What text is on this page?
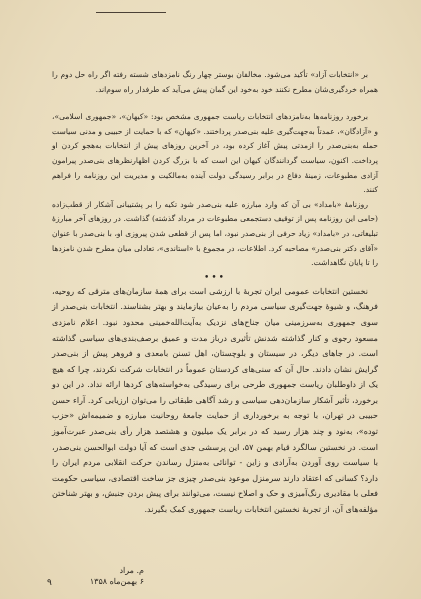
بر «انتخابات آزاد» تأکید می‌شود. مخالفان بوستر چهار رنگ نامزدهای شسته رفته اگر راه حل دوم را همراه خردگیری‌شان مطرح نکنند خود به‌خود این گمان پیش می‌آید که طرفدار راه سوم‌اند.

برخورد روزنامه‌ها به‌نامزدهای انتخابات ریاست جمهوری مشخص بود: «کیهان»، «جمهوری اسلامی»، و «آزادگان»، عمدتاً به‌جهت‌گیری علیه بنی‌صدر پرداختند. «کیهان» که با حمایت از حبیبی و مدنی سیاست حمله به‌بنی‌صدر را ازمدتی پیش آغاز کرده بود، در آخرین روزهای پیش از انتخابات به‌هجو کردن او پرداخت. اکنون، سیاست گردانندگان کیهان این است که با بزرگ کردن اظهارنظرهای بنی‌صدر پیرامون آزادی مطبوعات، زمینهٔ دفاع در برابر رسیدگی دولت آینده به‌مالکیت و مدیریت این روزنامه را فراهم کنند.

روزنامهٔ «بامداد» بی آن که وارد مبارزه علیه بنی‌صدر شود تکیه را بر پشتیبانی آشکار از قطب‌زاده (حامی این روزنامه پس از توقیف دستجمعی مطبوعات در مرداد گذشته) گذاشت. در روزهای آخر مبارزهٔ تبلیغاتی، در «بامداد» زیاد حرفی از بنی‌صدر نبود، اما پس از قطعی شدن پیروزی او، با بنی‌صدر با عنوان «آقای دکتر بنی‌صدر» مصاحبه کرد. اطلاعات، در مجموع با «استاندی»، تعادلی میان مطرح شدن نامزدها را تا پایان نگاهداشت.

•••

نخستین انتخابات عمومی ایران تجربهٔ با ارزشی است برای همهٔ سازمان‌های مترقی که روحیه، فرهنگ، و شیوهٔ جهت‌گیری سیاسی مردم را به‌عیان بیازمایند و بهتر بشناسند. انتخابات بنی‌صدر از سوی جمهوری به‌سرزمینی میان جناح‌های نزدیک به‌آیت‌الله‌خمینی محدود نبود. اعلام نامزدی مسعود رجوی و کنار گذاشته شدنش تأثیری درباز مدت و عمیق برصف‌بندی‌های سیاسی گذاشته است. در جاهای دیگر، در سیستان و بلوچستان، اهل تسنن بامعدی و فروهر پیش از بنی‌صدر گرایش نشان دادند. حال آن که سنی‌های کردستان عموماً در انتخابات شرکت نکردند، چرا که هیچ یک از داوطلبان ریاست جمهوری طرحی برای رسیدگی به‌خواسته‌های کردها ارائه نداد. در این دو برخورد، تأثیر آشکار سازمان‌دهی سیاسی و رشد آگاهی طبقاتی را می‌توان ارزیابی کرد. آراء حسن حبیبی در تهران، با توجه به برخورداری از حمایت جامعهٔ روحانیت مبارزه و ضمیمه‌اش «حزب توده»، به‌نود و چند هزار رسید که در برابر یک میلیون و هشتصد هزار رأی بنی‌صدر عبرت‌آموز است. در نخستین سالگرد قیام بهمن ۵۷، این پرسشی جدی است که آیا دولت ابوالحسن بنی‌صدر، با سیاست روی آوردن به‌آرادی و زاین - توانائی به‌منزل رساندن حرکت انقلابی مردم ایران را دارد؟ کسانی که اعتقاد دارند سرمنزل موعود بنی‌صدر چیزی جز ساخت اقتصادی، سیاسی حکومت فعلی با مقادیری رنگ‌آمیزی و حک و اصلاح نیست، می‌توانند برای پیش بردن جنبش، و بهتر شناختن مؤلفه‌های آن، از تجربهٔ نخستین انتخابات ریاست جمهوری کمک بگیرند.

م. مراد
۶ بهمن‌ماه ۱۳۵۸
۹
